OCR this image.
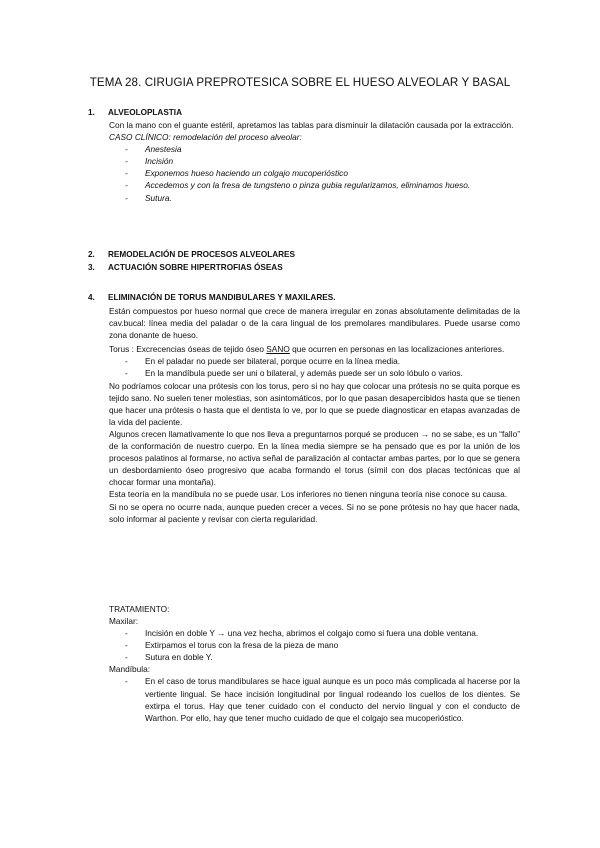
TEMA 28. CIRUGIA PREPROTESICA SOBRE EL HUESO ALVEOLAR Y BASAL
1. ALVEOLOPLASTIA
Con la mano con el guante estéril, apretamos las tablas para disminuir la dilatación causada por la extracción.
CASO CLÍNICO: remodelación del proceso alveolar:
- Anestesia
- Incisión
- Exponemos hueso haciendo un colgajo mucoperióstico
- Accedemos y con la fresa de tungsteno o pinza gubia regularizamos, eliminamos hueso.
- Sutura.
2. REMODELACIÓN DE PROCESOS ALVEOLARES
3. ACTUACIÓN SOBRE HIPERTROFIAS ÓSEAS
4. ELIMINACIÓN DE TORUS MANDIBULARES Y MAXILARES.
Están compuestos por hueso normal que crece de manera irregular en zonas absolutamente delimitadas de la cav.bucal: línea media del paladar o de la cara lingual de los premolares mandibulares. Puede usarse como zona donante de hueso.
Torus : Excrecencias óseas de tejido óseo SANO que ocurren en personas en las localizaciones anteriores.
- En el paladar no puede ser bilateral, porque ocurre en la línea media.
- En la mandíbula puede ser uni o bilateral, y además puede ser un solo lóbulo o varios.
No podríamos colocar una prótesis con los torus, pero si no hay que colocar una prótesis no se quita porque es tejido sano. No suelen tener molestias, son asintomáticos, por lo que pasan desapercibidos hasta que se tienen que hacer una prótesis o hasta que el dentista lo ve, por lo que se puede diagnosticar en etapas avanzadas de la vida del paciente.
Algunos crecen llamativamente lo que nos lleva a preguntarnos porqué se producen → no se sabe, es un “fallo” de la conformación de nuestro cuerpo. En la línea media siempre se ha pensado que es por la unión de los procesos palatinos al formarse, no activa señal de paralización al contactar ambas partes, por lo que se genera un desbordamiento óseo progresivo que acaba formando el torus (símil con dos placas tectónicas que al chocar formar una montaña).
Esta teoría en la mandíbula no se puede usar. Los inferiores no tienen ninguna teoría nise conoce su causa.
Si no se opera no ocurre nada, aunque pueden crecer a veces. Si no se pone prótesis no hay que hacer nada, solo informar al paciente y revisar con cierta regularidad.
TRATAMIENTO:
Maxilar:
- Incisión en doble Y → una vez hecha, abrimos el colgajo como si fuera una doble ventana.
- Extirpamos el torus con la fresa de la pieza de mano
- Sutura en doble Y.
Mandíbula:
- En el caso de torus mandibulares se hace igual aunque es un poco más complicada al hacerse por la vertiente lingual. Se hace incisión longitudinal por lingual rodeando los cuellos de los dientes. Se extirpa el torus. Hay que tener cuidado con el conducto del nervio lingual y con el conducto de Warthon. Por ello, hay que tener mucho cuidado de que el colgajo sea mucoperióstico.
